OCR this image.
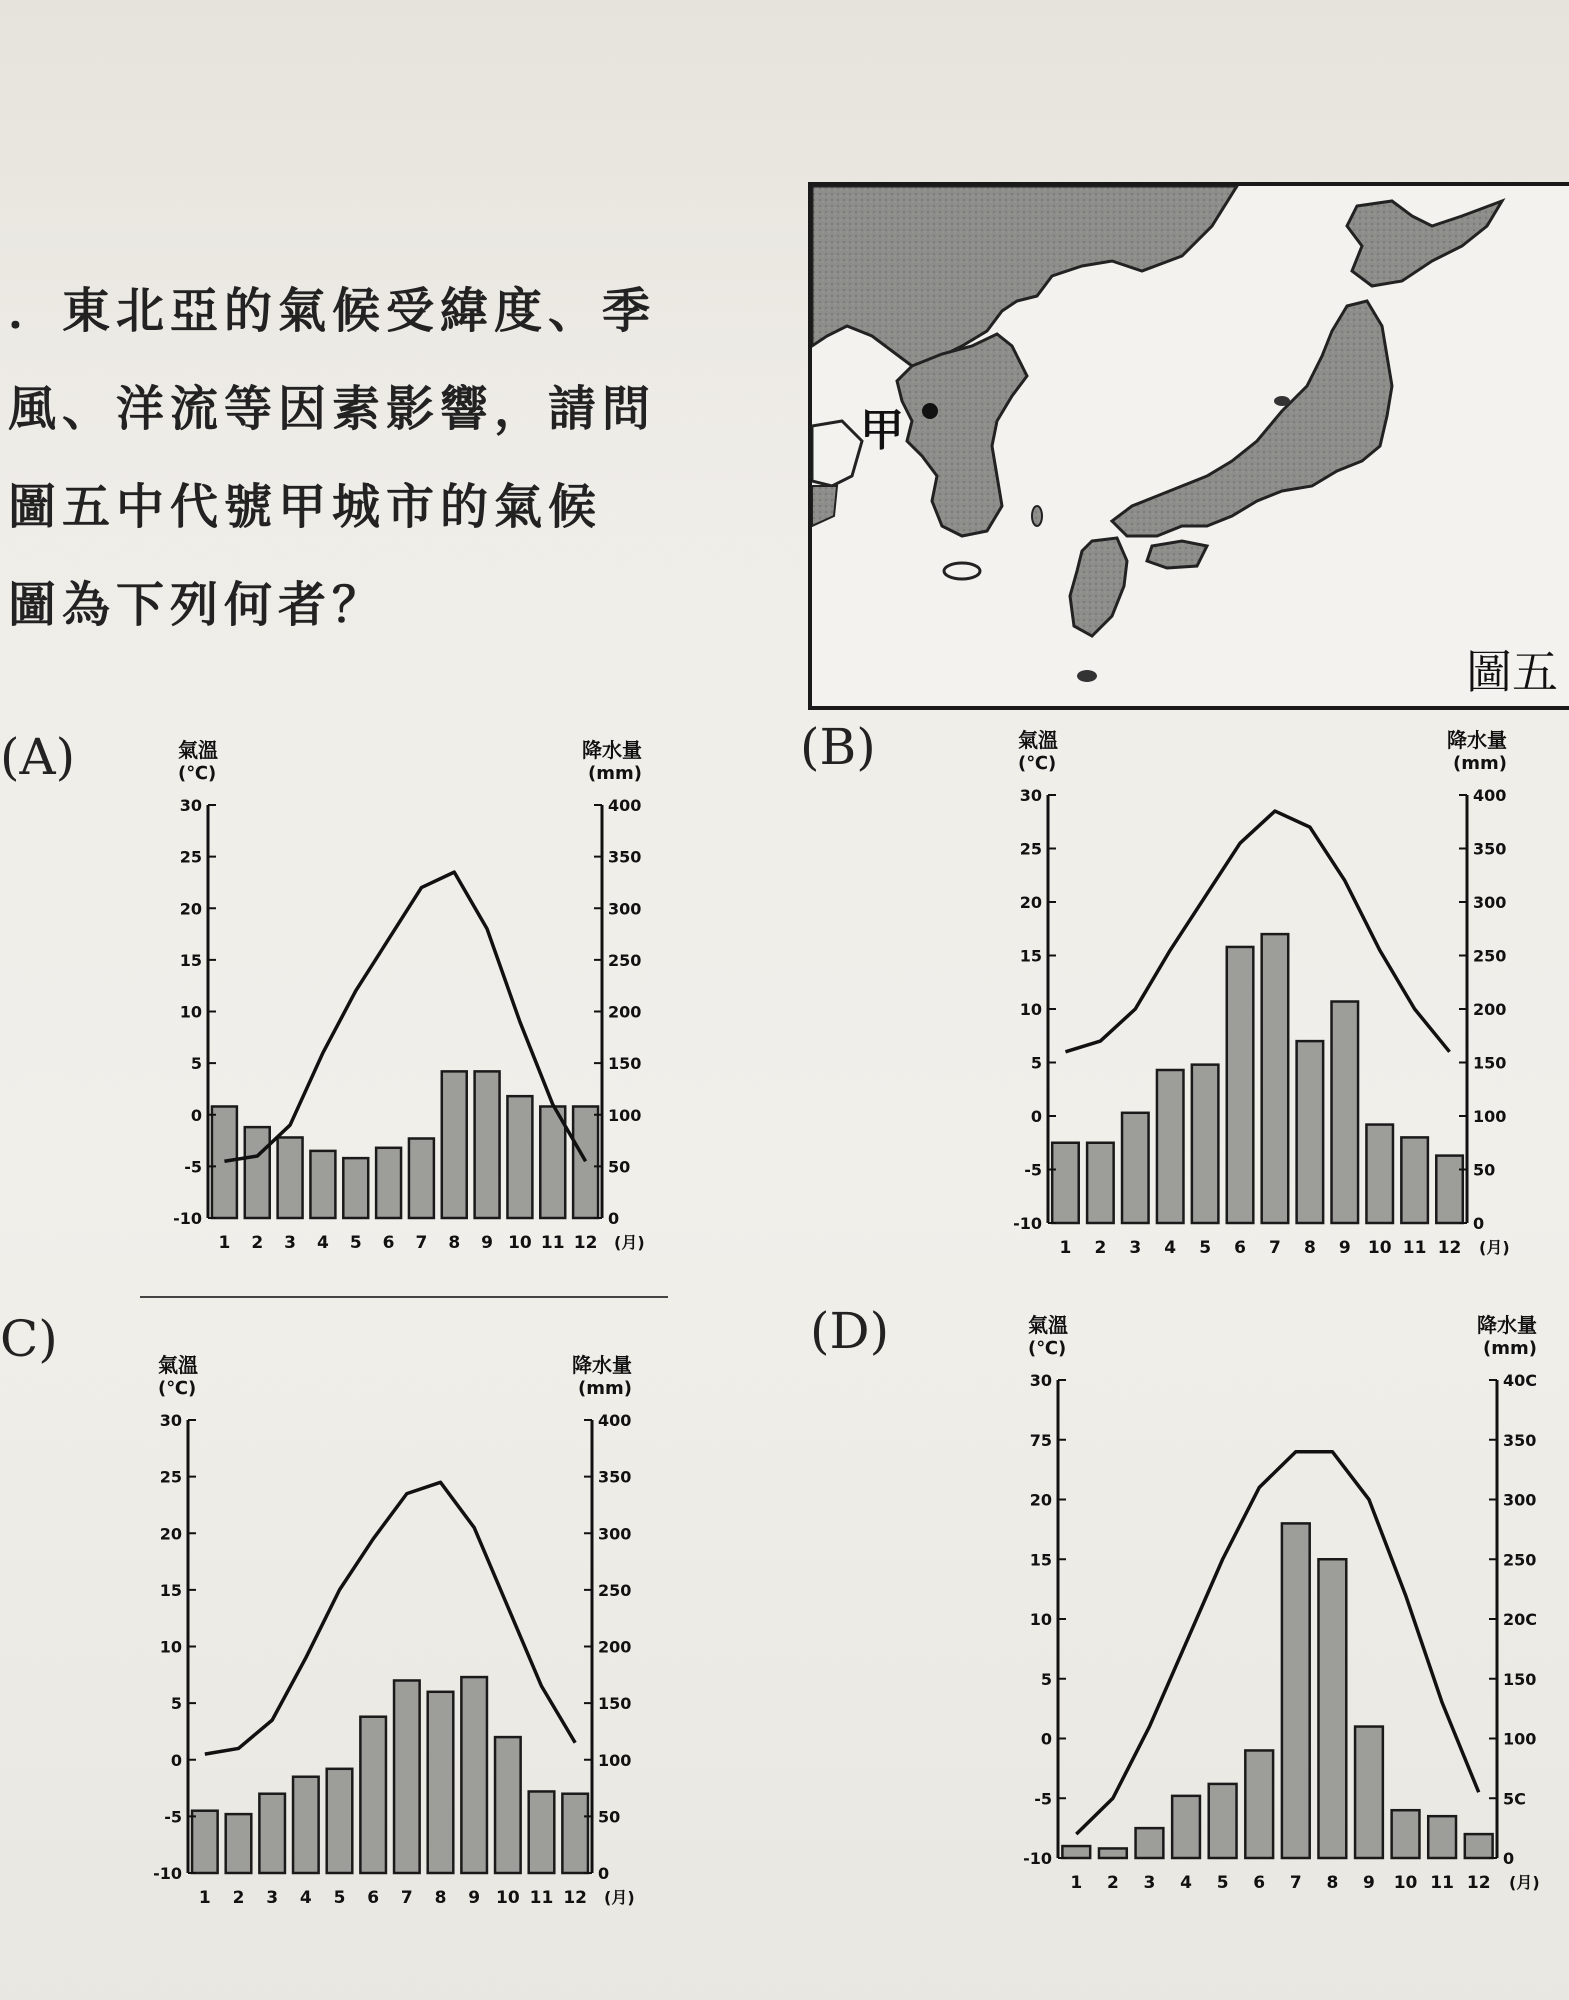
．東北亞的氣候受緯度、季
風、洋流等因素影響，請問
圖五中代號甲城市的氣候
圖為下列何者？
甲
圖五
(A)	(B)
C)	(D)
氣溫
(℃)
降水量
(mm)
-10
-5
0
5
10
15
20
25
30
0
50
100
150
200
250
300
350
400
1 2 3 4 5 6 7 8 9 10 11 12 (月)
氣溫
(℃)
降水量
(mm)
-10
-5
0
5
10
15
20
25
30
0
50
100
150
200
250
300
350
400
1 2 3 4 5 6 7 8 9 10 11 12 (月)
氣溫
(℃)
降水量
(mm)
-10
-5
0
5
10
15
20
25
30
0
50
100
150
200
250
300
350
400
1 2 3 4 5 6 7 8 9 10 11 12 (月)
氣溫
(℃)
降水量
(mm)
-10
-5
0
5
10
15
20
75
30
0
5C
100
150
20C
250
300
350
40C
1 2 3 4 5 6 7 8 9 10 11 12 (月)
